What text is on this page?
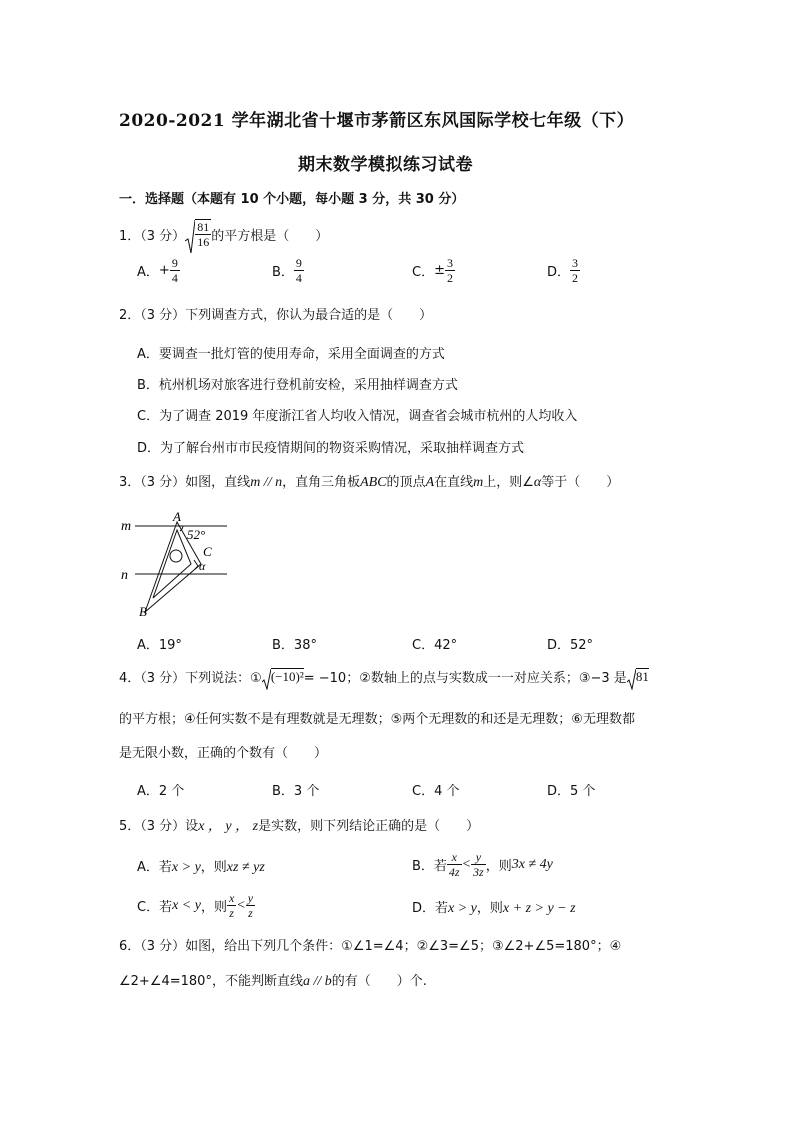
2020-2021 学年湖北省十堰市茅箭区东风国际学校七年级（下）
期末数学模拟练习试卷
一．选择题（本题有 10 个小题，每小题 3 分，共 30 分）
1．（3 分） $\frac{81}{16}$ 的平方根是（　　）
A． + $\frac{9}{4}$	B． $\frac{9}{4}$	C． ± $\frac{3}{2}$	D． $\frac{3}{2}$
2．（3 分）下列调查方式，你认为最合适的是（　　）
A．要调查一批灯管的使用寿命，采用全面调查的方式
B．杭州机场对旅客进行登机前安检，采用抽样调查方式
C．为了调查 2019 年度浙江省人均收入情况，调查省会城市杭州的人均收入
D．为了解台州市市民疫情期间的物资采购情况，采取抽样调查方式
3．（3 分）如图，直线m // n，直角三角板ABC的顶点A在直线m上，则∠α等于（　　）
m
n
A
52°
C
α
B
A．19°	B．38°	C．42°	D．52°
4．（3 分）下列说法：① (−10)² = −10；②数轴上的点与实数成一一对应关系；③−3 是 81
的平方根；④任何实数不是有理数就是无理数；⑤两个无理数的和还是无理数；⑥无理数都
是无限小数，正确的个数有（　　）
A．2 个	B．3 个	C．4 个	D．5 个
5．（3 分）设x ， y ， z是实数，则下列结论正确的是（　　）
A．若x > y，则xz ≠ yz	B．若 $\frac{x}{4z} < \frac{y}{3z}$ ，则 3x ≠ 4y
C．若 x < y ，则 $\frac{x}{z} < \frac{y}{z}$	D．若x > y，则x + z > y − z
6．（3 分）如图，给出下列几个条件：①∠1=∠4；②∠3=∠5；③∠2+∠5=180°；④
∠2+∠4=180°，不能判断直线a // b的有（　　）个.
